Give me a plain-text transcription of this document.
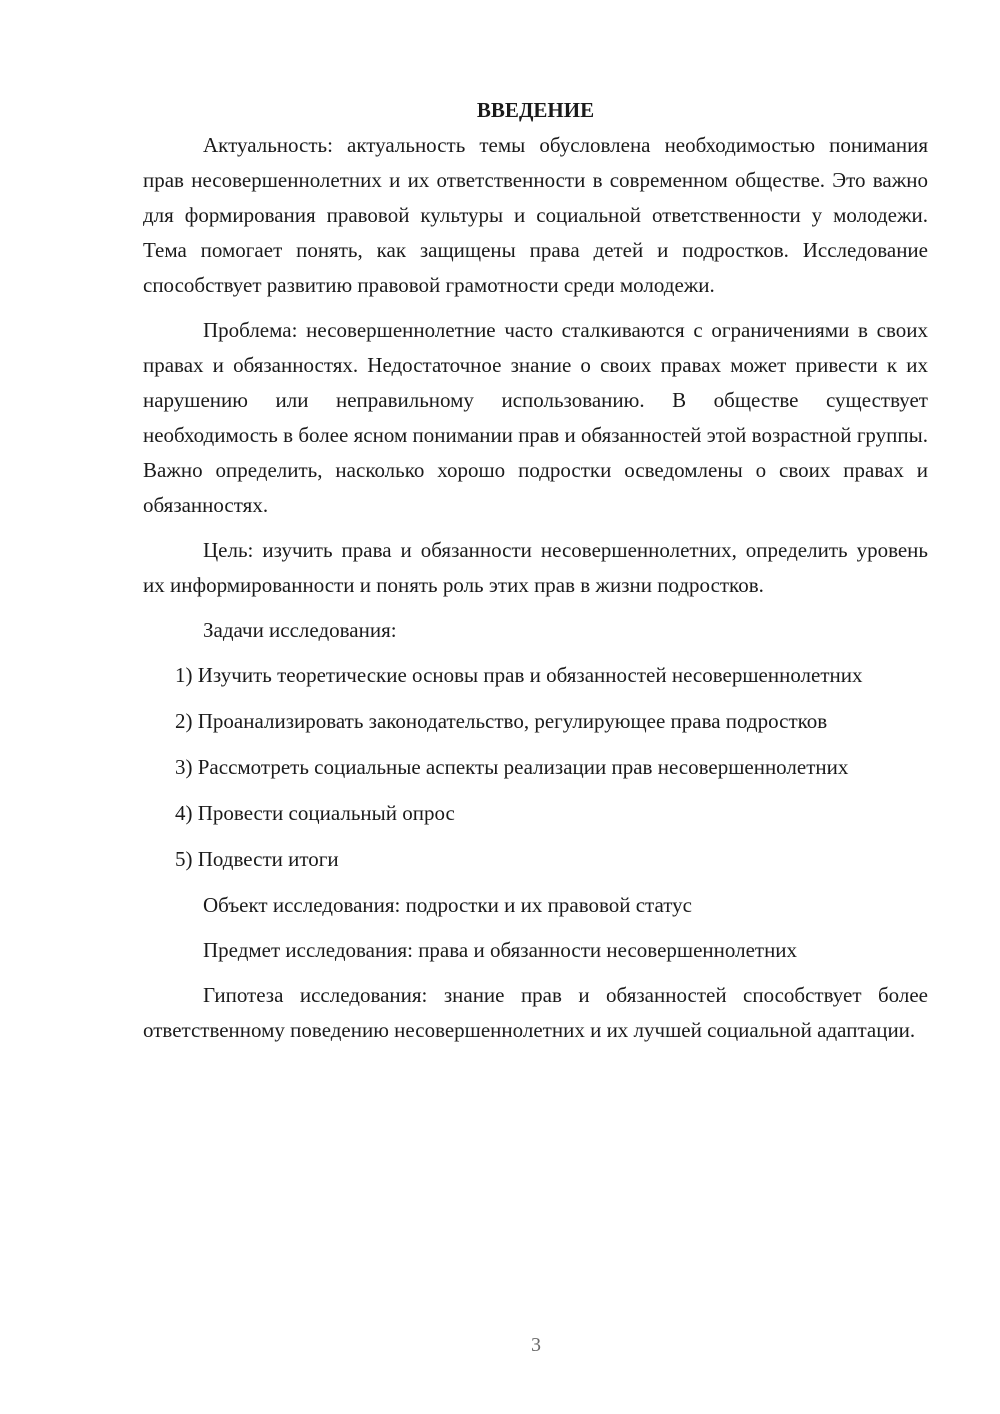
ВВЕДЕНИЕ

Актуальность: актуальность темы обусловлена необходимостью понимания прав несовершеннолетних и их ответственности в современном обществе. Это важно для формирования правовой культуры и социальной ответственности у молодежи. Тема помогает понять, как защищены права детей и подростков. Исследование способствует развитию правовой грамотности среди молодежи.

Проблема: несовершеннолетние часто сталкиваются с ограничениями в своих правах и обязанностях. Недостаточное знание о своих правах может привести к их нарушению или неправильному использованию. В обществе существует необходимость в более ясном понимании прав и обязанностей этой возрастной группы. Важно определить, насколько хорошо подростки осведомлены о своих правах и обязанностях.

Цель: изучить права и обязанности несовершеннолетних, определить уровень их информированности и понять роль этих прав в жизни подростков.

Задачи исследования:

1) Изучить теоретические основы прав и обязанностей несовершеннолетних

2) Проанализировать законодательство, регулирующее права подростков

3) Рассмотреть социальные аспекты реализации прав несовершеннолетних

4) Провести социальный опрос

5) Подвести итоги

Объект исследования: подростки и их правовой статус

Предмет исследования: права и обязанности несовершеннолетних

Гипотеза исследования: знание прав и обязанностей способствует более ответственному поведению несовершеннолетних и их лучшей социальной адаптации.

3
